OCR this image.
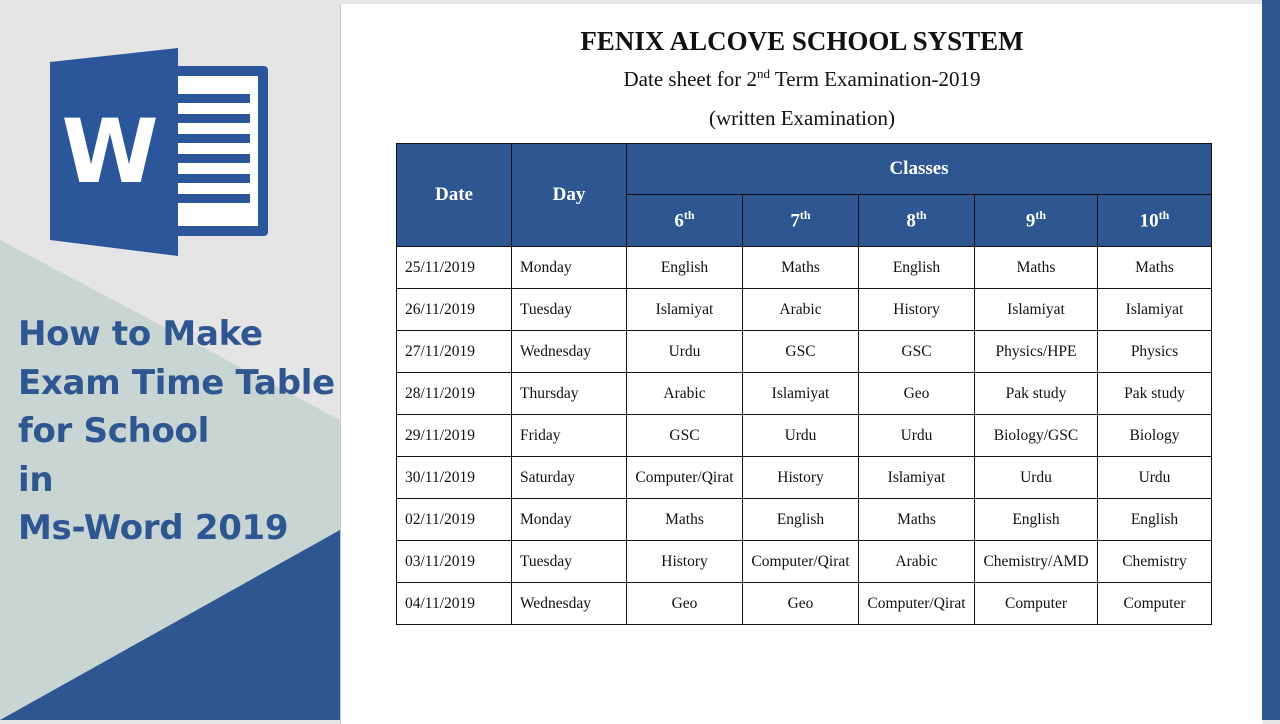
W
How to Make
Exam Time Table
for School
in
Ms-Word 2019
FENIX ALCOVE SCHOOL SYSTEM
Date sheet for 2nd Term Examination-2019
(written Examination)
Date	Day	Classes				
		6th	7th	8th	9th	10th
25/11/2019	Monday	English	Maths	English	Maths	Maths
26/11/2019	Tuesday	Islamiyat	Arabic	History	Islamiyat	Islamiyat
27/11/2019	Wednesday	Urdu	GSC	GSC	Physics/HPE	Physics
28/11/2019	Thursday	Arabic	Islamiyat	Geo	Pak study	Pak study
29/11/2019	Friday	GSC	Urdu	Urdu	Biology/GSC	Biology
30/11/2019	Saturday	Computer/Qirat	History	Islamiyat	Urdu	Urdu
02/11/2019	Monday	Maths	English	Maths	English	English
03/11/2019	Tuesday	History	Computer/Qirat	Arabic	Chemistry/AMD	Chemistry
04/11/2019	Wednesday	Geo	Geo	Computer/Qirat	Computer	Computer
